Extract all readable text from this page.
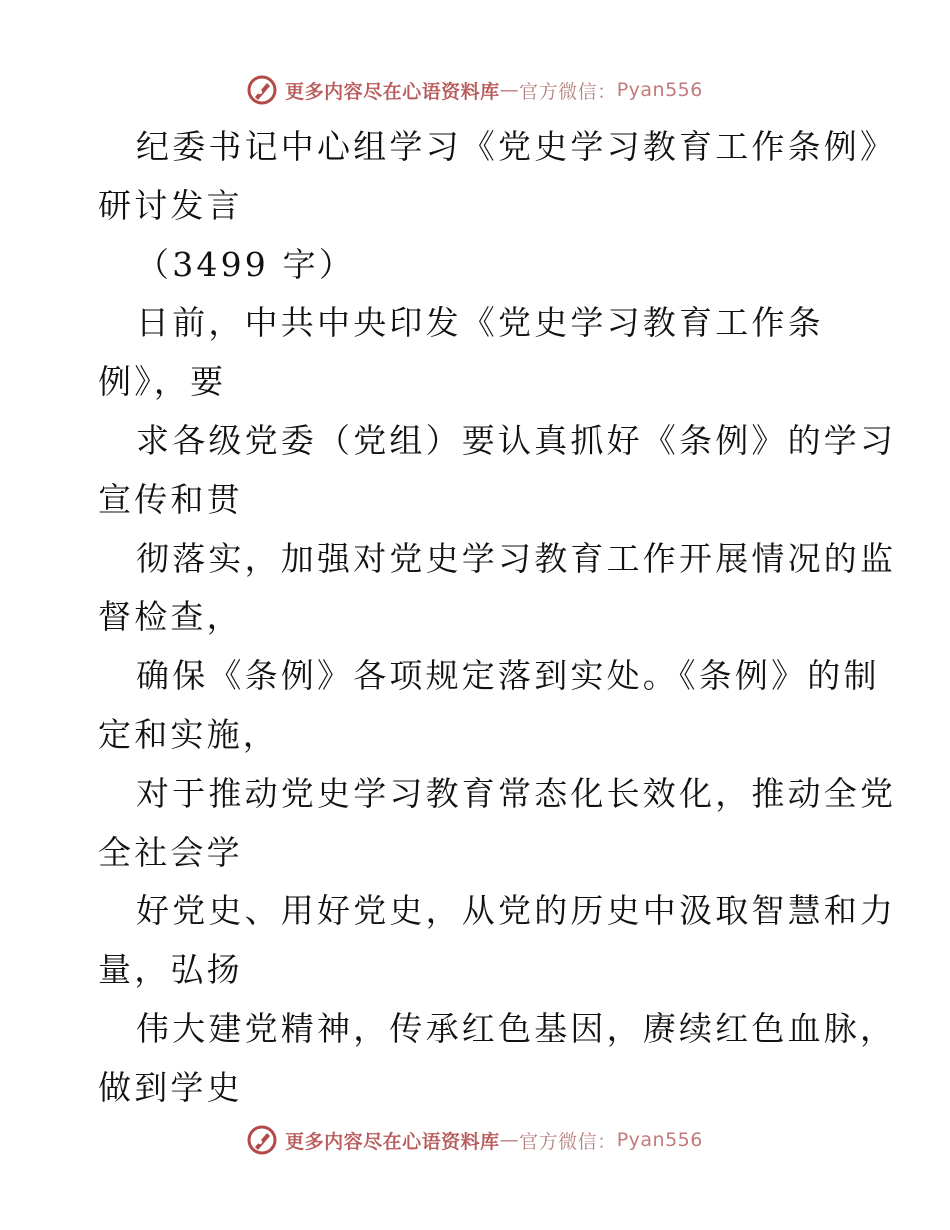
更多内容尽在心语资料库 — 官方微信： Pyan556
纪委书记中心组学习《党史学习教育工作条例》
研讨发言
（3499 字）
日前，中共中央印发《党史学习教育工作条
例》，要
求各级党委（党组）要认真抓好《条例》的学习
宣传和贯
彻落实，加强对党史学习教育工作开展情况的监
督检查，
确保《条例》各项规定落到实处。《条例》的制
定和实施，
对于推动党史学习教育常态化长效化，推动全党
全社会学
好党史、用好党史，从党的历史中汲取智慧和力
量，弘扬
伟大建党精神，传承红色基因，赓续红色血脉，
做到学史
更多内容尽在心语资料库 — 官方微信： Pyan556
